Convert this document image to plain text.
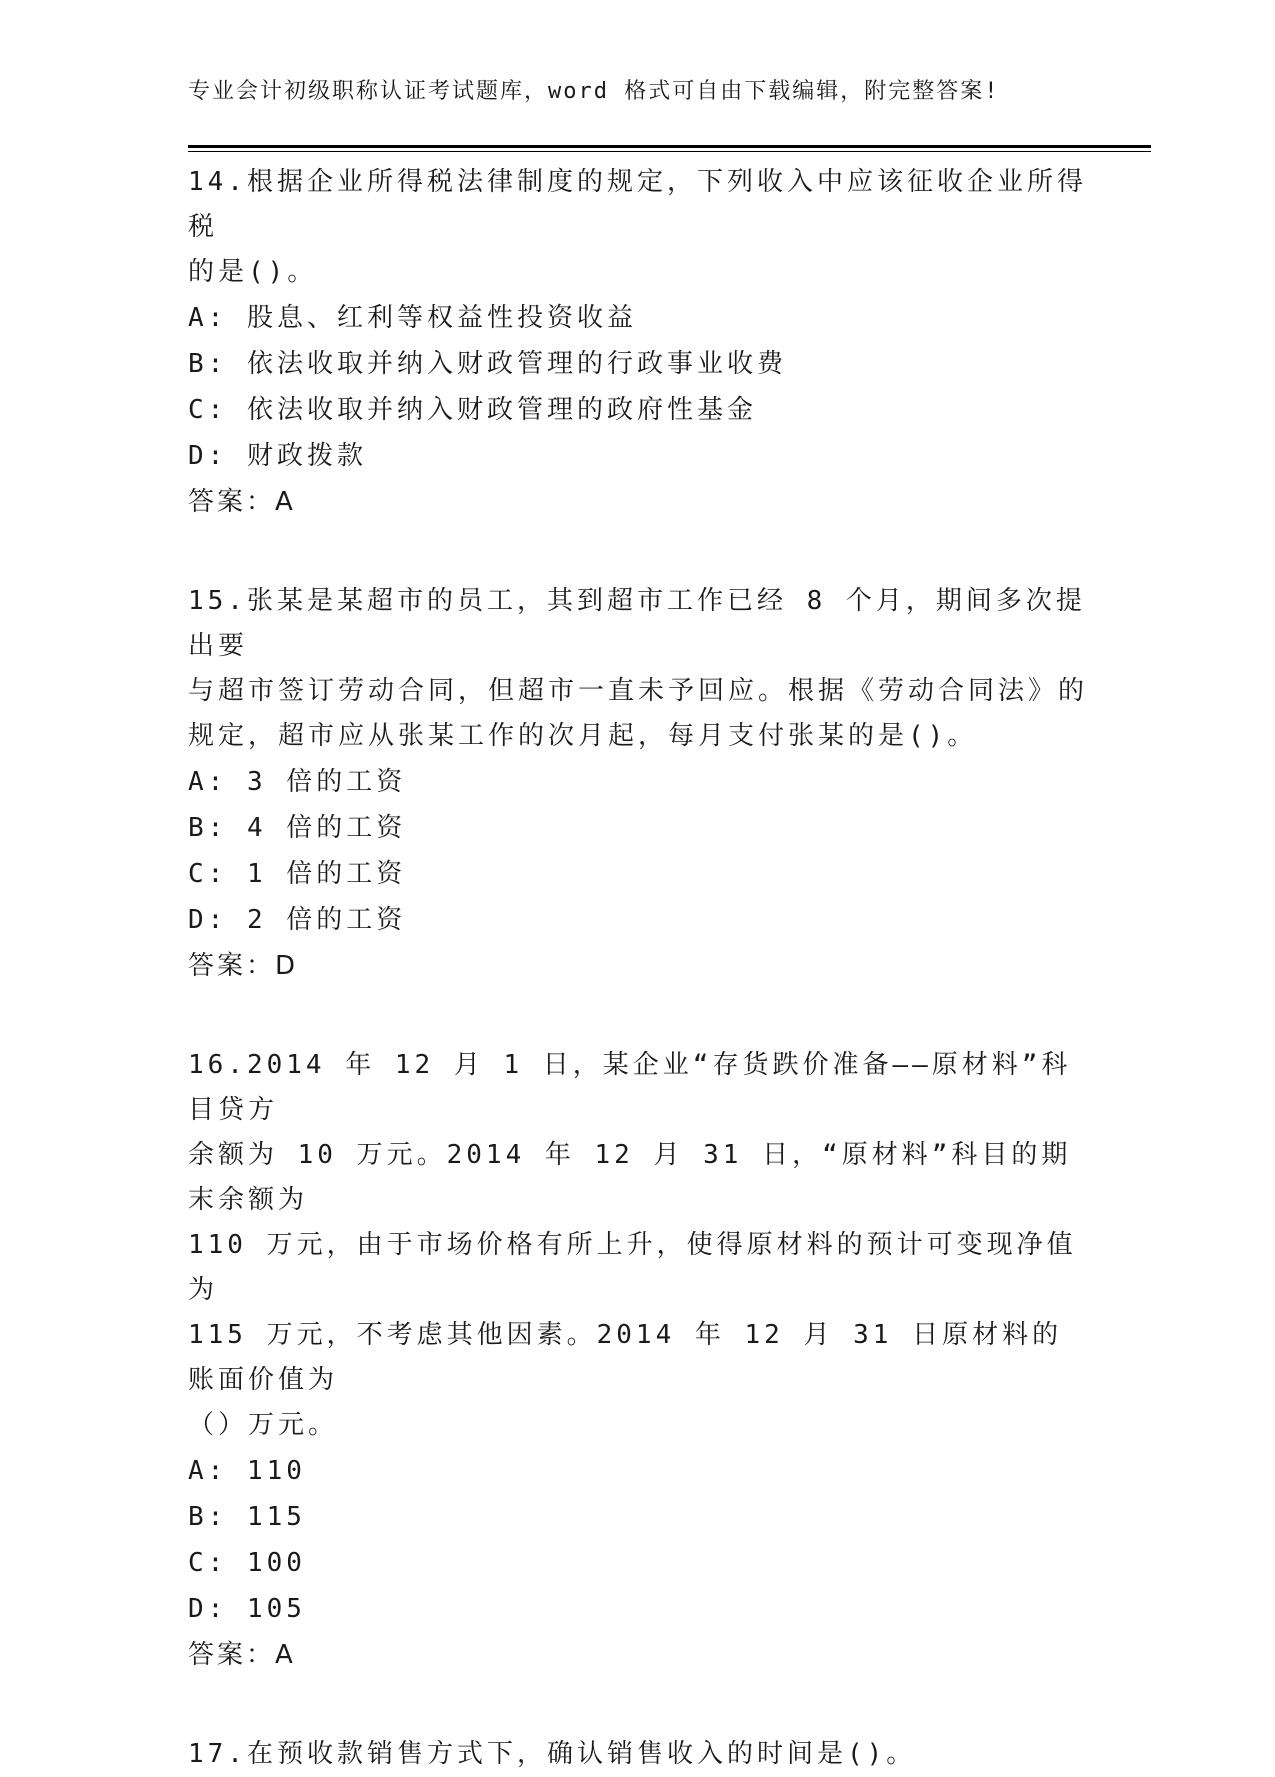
专业会计初级职称认证考试题库，word 格式可自由下载编辑，附完整答案!

14.根据企业所得税法律制度的规定，下列收入中应该征收企业所得税

的是()。

A: 股息、红利等权益性投资收益

B: 依法收取并纳入财政管理的行政事业收费

C: 依法收取并纳入财政管理的政府性基金

D: 财政拨款

答案：A

15.张某是某超市的员工，其到超市工作已经 8 个月，期间多次提出要

与超市签订劳动合同，但超市一直未予回应。根据《劳动合同法》的

规定，超市应从张某工作的次月起，每月支付张某的是()。

A: 3 倍的工资

B: 4 倍的工资

C: 1 倍的工资

D: 2 倍的工资

答案：D

16.2014 年 12 月 1 日，某企业“存货跌价准备——原材料”科目贷方

余额为 10 万元。2014 年 12 月 31 日，“原材料”科目的期末余额为

110 万元，由于市场价格有所上升，使得原材料的预计可变现净值为

115 万元，不考虑其他因素。2014 年 12 月 31 日原材料的账面价值为

（）万元。

A: 110

B: 115

C: 100

D: 105

答案：A

17.在预收款销售方式下，确认销售收入的时间是()。
